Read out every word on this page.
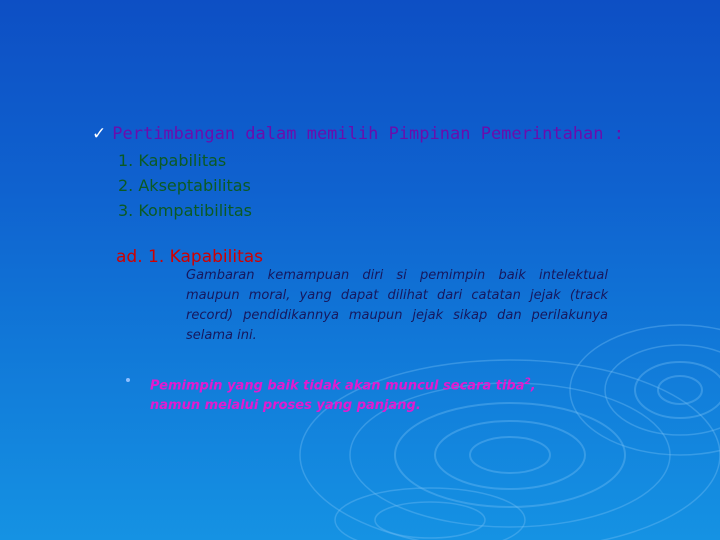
✓ Pertimbangan dalam memilih Pimpinan Pemerintahan :
1. Kapabilitas
2. Akseptabilitas
3. Kompatibilitas
ad. 1. Kapabilitas
Gambaran kemampuan diri si pemimpin baik intelektual maupun moral, yang dapat dilihat dari catatan jejak (track record) pendidikannya maupun jejak sikap dan perilakunya selama ini.
Pemimpin yang baik tidak akan muncul secara tiba$^2$, namun melalui proses yang panjang.
